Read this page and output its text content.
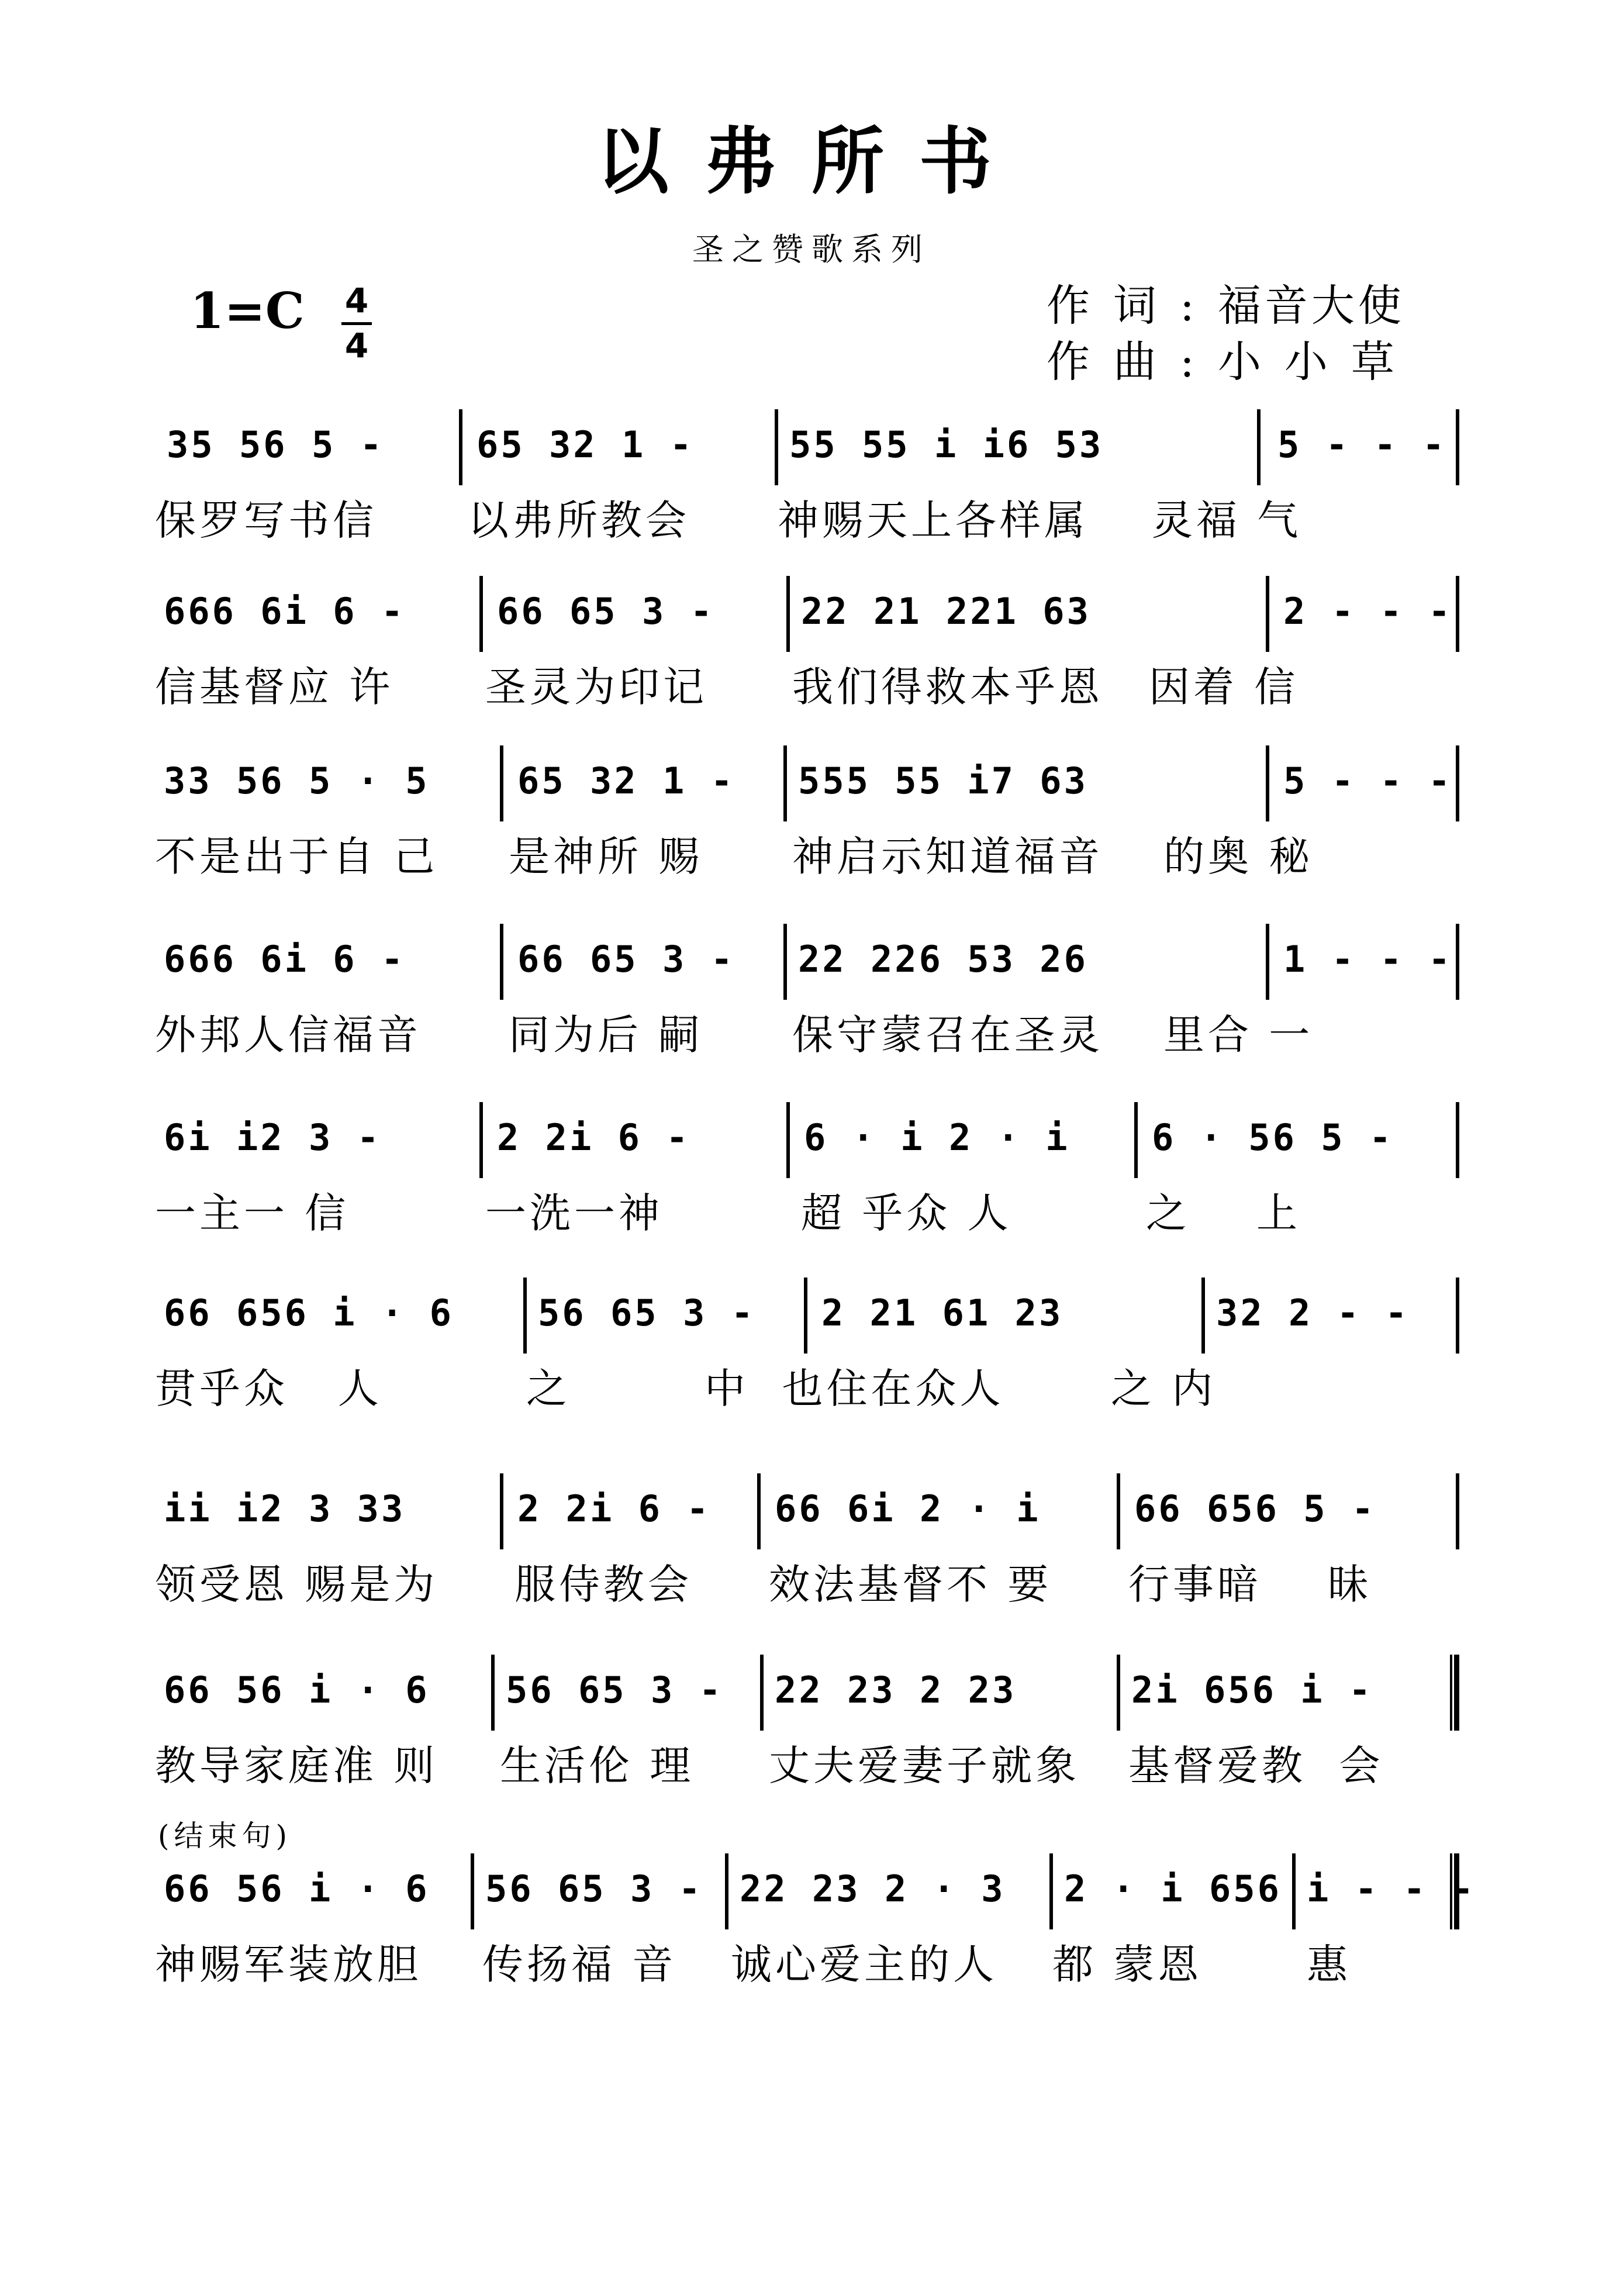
以弗所书
圣之赞歌系列
1=C 4
4
作词:福音大使
作曲:小小草
(结束句)
35 56 5 -	65 32 1 -	55 55 i i6 53	5 - - -
保罗写书信 以弗所教会 神赐天上各样属 灵福 气
666 6i 6 -	66 65 3 - 22 21 221 63	2 - - -
信基督应 许 圣灵为印记 我们得救本乎恩 因着 信
33 56 5 · 5 65 32 1 - 555 55 i7 63	5 - - -
不是出于自 己 是神所 赐 神启示知道福音 的奥 秘
666 6i 6 -	66 65 3 - 22 226 53 26	1 - - -
外邦人信福音 同为后 嗣 保守蒙召在圣灵 里合 一
6i i2 3 -	2 2i 6 -	6 · i 2 · i 6 · 56 5 -
一主一 信	一洗一神	超 乎众 人	之    上
66 656 i · 6 56 65 3 - 2 21 61 23	32 2 - -
贯乎众   人	之	中  也住在众人	之 内
ii i2 3 33	2 2i 6 - 66 6i 2 · i	66 656 5 -
领受恩 赐是为 服侍教会 效法基督不 要 行事暗    昧
66 56 i · 6 56 65 3 - 22 23 2 23	2i 656 i -
教导家庭准 则 生活伦 理 丈夫爱妻子就象 基督爱教  会
66 56 i · 6 56 65 3 - 22 23 2 · 3 2 · i 656 i - - -
神赐军装放胆 传扬福 音 诚心爱主的人 都 蒙恩	惠
